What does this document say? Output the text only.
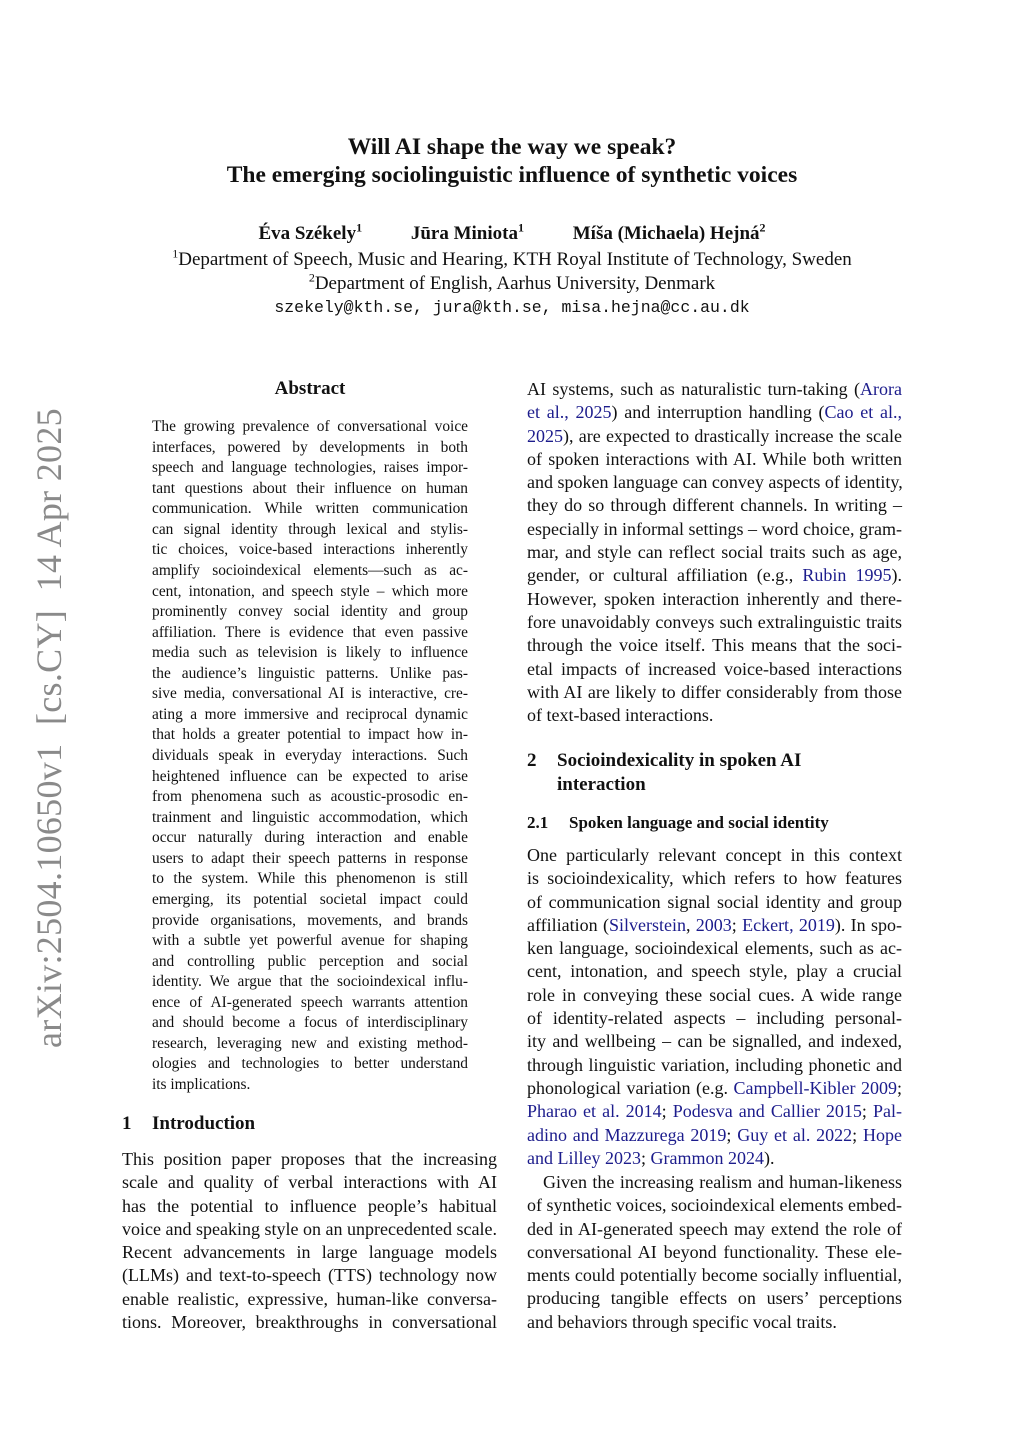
arXiv:2504.10650v1  [cs.CY]  14 Apr 2025
Will AI shape the way we speak?
The emerging sociolinguistic influence of synthetic voices
Éva Székely$^1$	Jūra Miniota$^1$	Míša (Michaela) Hejná$^2$
$^1$Department of Speech, Music and Hearing, KTH Royal Institute of Technology, Sweden
$^2$Department of English, Aarhus University, Denmark
szekely@kth.se, jura@kth.se, misa.hejna@cc.au.dk
Abstract
The growing prevalence of conversational voice
interfaces, powered by developments in both
speech and language technologies, raises impor-
tant questions about their influence on human
communication. While written communication
can signal identity through lexical and stylis-
tic choices, voice-based interactions inherently
amplify socioindexical elements—such as ac-
cent, intonation, and speech style – which more
prominently convey social identity and group
affiliation. There is evidence that even passive
media such as television is likely to influence
the audience’s linguistic patterns. Unlike pas-
sive media, conversational AI is interactive, cre-
ating a more immersive and reciprocal dynamic
that holds a greater potential to impact how in-
dividuals speak in everyday interactions. Such
heightened influence can be expected to arise
from phenomena such as acoustic-prosodic en-
trainment and linguistic accommodation, which
occur naturally during interaction and enable
users to adapt their speech patterns in response
to the system. While this phenomenon is still
emerging, its potential societal impact could
provide organisations, movements, and brands
with a subtle yet powerful avenue for shaping
and controlling public perception and social
identity. We argue that the socioindexical influ-
ence of AI-generated speech warrants attention
and should become a focus of interdisciplinary
research, leveraging new and existing method-
ologies and technologies to better understand
its implications.
1 Introduction
This position paper proposes that the increasing
scale and quality of verbal interactions with AI
has the potential to influence people’s habitual
voice and speaking style on an unprecedented scale.
Recent advancements in large language models
(LLMs) and text-to-speech (TTS) technology now
enable realistic, expressive, human-like conversa-
tions. Moreover, breakthroughs in conversational
AI systems, such as naturalistic turn-taking (Arora
et al., 2025) and interruption handling (Cao et al.,
2025), are expected to drastically increase the scale
of spoken interactions with AI. While both written
and spoken language can convey aspects of identity,
they do so through different channels. In writing –
especially in informal settings – word choice, gram-
mar, and style can reflect social traits such as age,
gender, or cultural affiliation (e.g., Rubin 1995).
However, spoken interaction inherently and there-
fore unavoidably conveys such extralinguistic traits
through the voice itself. This means that the soci-
etal impacts of increased voice-based interactions
with AI are likely to differ considerably from those
of text-based interactions.
2 Socioindexicality in spoken AI
interaction
2.1 Spoken language and social identity
One particularly relevant concept in this context
is socioindexicality, which refers to how features
of communication signal social identity and group
affiliation (Silverstein, 2003; Eckert, 2019). In spo-
ken language, socioindexical elements, such as ac-
cent, intonation, and speech style, play a crucial
role in conveying these social cues. A wide range
of identity-related aspects – including personal-
ity and wellbeing – can be signalled, and indexed,
through linguistic variation, including phonetic and
phonological variation (e.g. Campbell-Kibler 2009;
Pharao et al. 2014; Podesva and Callier 2015; Pal-
adino and Mazzurega 2019; Guy et al. 2022; Hope
and Lilley 2023; Grammon 2024).
Given the increasing realism and human-likeness
of synthetic voices, socioindexical elements embed-
ded in AI-generated speech may extend the role of
conversational AI beyond functionality. These ele-
ments could potentially become socially influential,
producing tangible effects on users’ perceptions
and behaviors through specific vocal traits.
